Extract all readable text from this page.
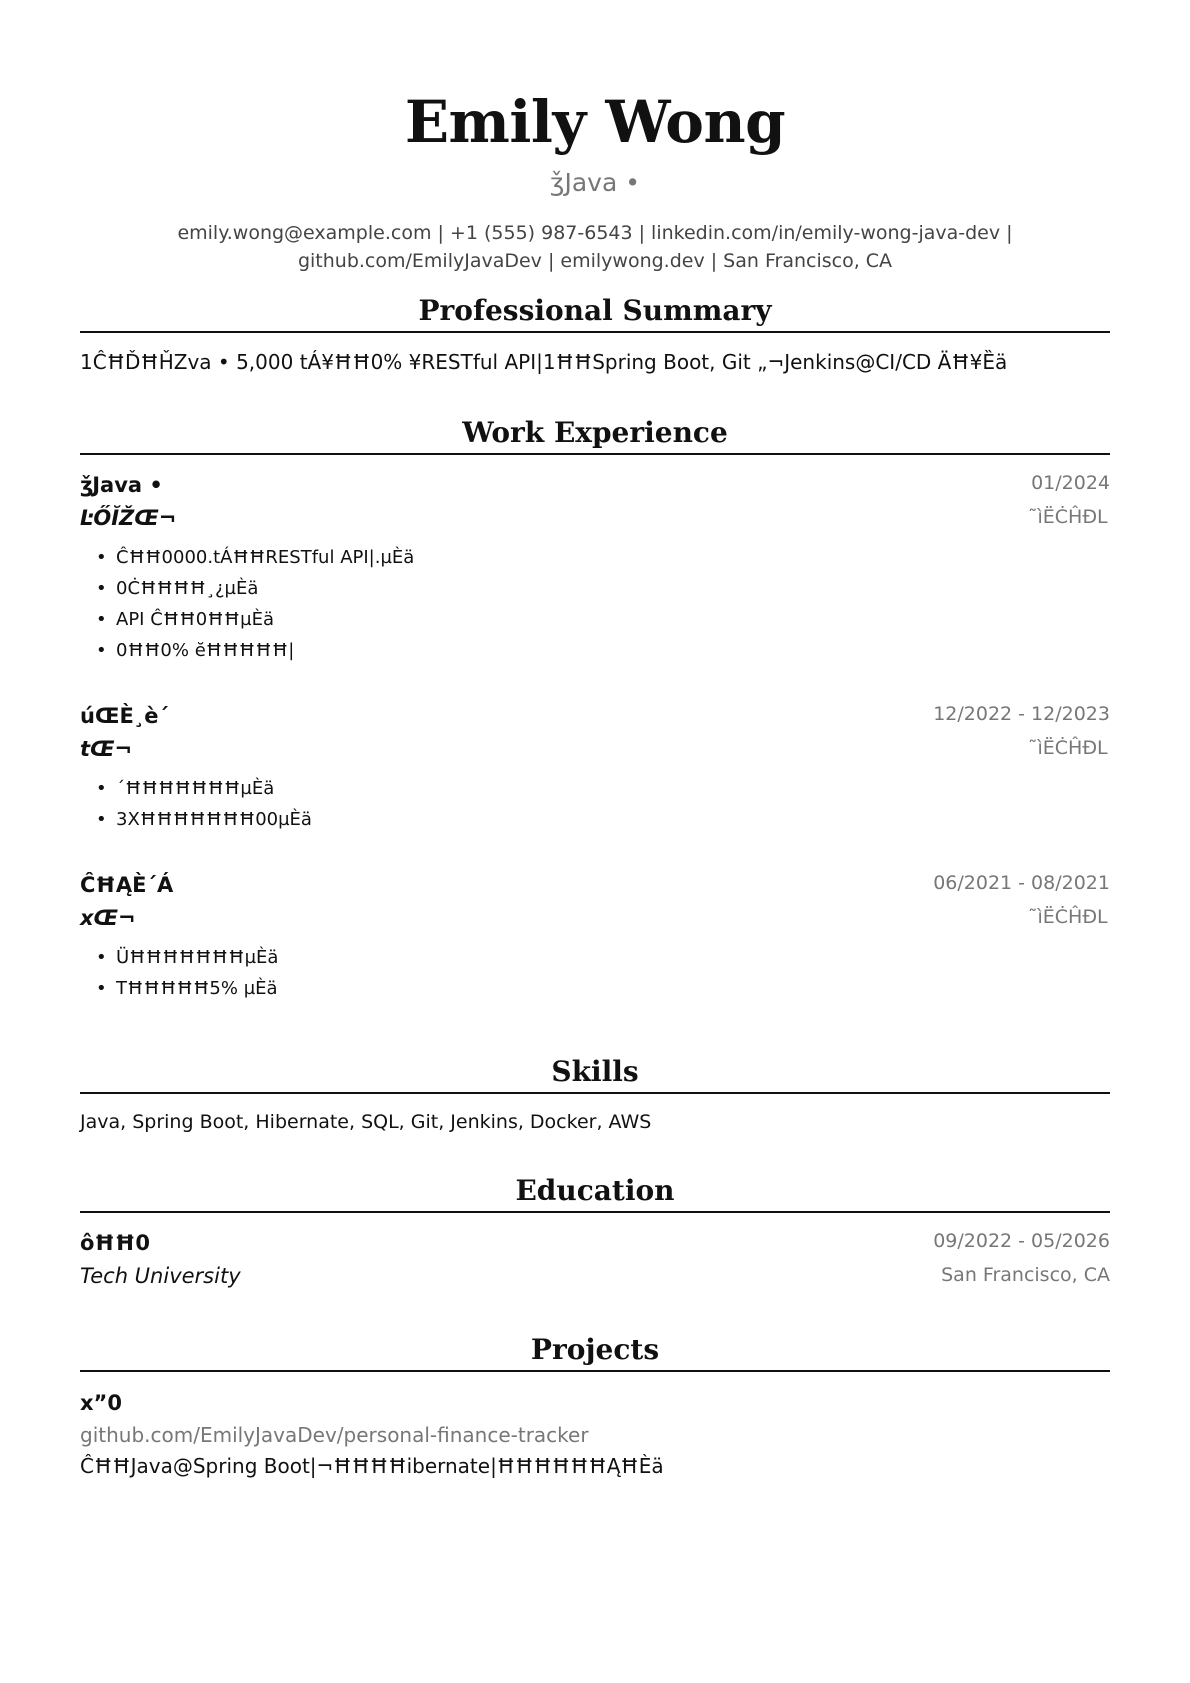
Emily Wong
ǯJava •
emily.wong@example.com | +1 (555) 987-6543 | linkedin.com/in/emily-wong-java-dev |
github.com/EmilyJavaDev | emilywong.dev | San Francisco, CA
Professional Summary
1ĈĦĎĦȞZva • 5,000 tÁ¥ĦĦ0% ¥RESTful API|1ĦĦSpring Boot, Git „¬Jenkins@CI/CD ÄĦ¥Ȅä
Work Experience
ǯJava •	01/2024
ĿŐĬŽŒ¬	˜ìËĊĤÐL
• ĈĦĦ0000.tÁĦĦRESTful API|.µÈä
• 0ĊĦĦĦĦ¸¿µÈä
• API ĈĦĦ0ĦĦµÈä
• 0ĦĦ0% ĕĦĦĦĦĦ|
úŒÈ¸è´	12/2022 - 12/2023
tŒ¬	˜ìËĊĤÐL
• ´ĦĦĦĦĦĦĦµÈä
• 3XĦĦĦĦĦĦĦ00µÈä
ĈĦĄÈ´Á	06/2021 - 08/2021
xŒ¬	˜ìËĊĤÐL
• ÜĦĦĦĦĦĦĦµÈä
• TĦĦĦĦĦ5% µÈä
Skills
Java, Spring Boot, Hibernate, SQL, Git, Jenkins, Docker, AWS
Education
ôĦĦ0	09/2022 - 05/2026
Tech University	San Francisco, CA
Projects
x”0
github.com/EmilyJavaDev/personal-finance-tracker
ĈĦĦJava@Spring Boot|¬ĦĦĦĦibernate|ĦĦĦĦĦĦĄĦÈä
